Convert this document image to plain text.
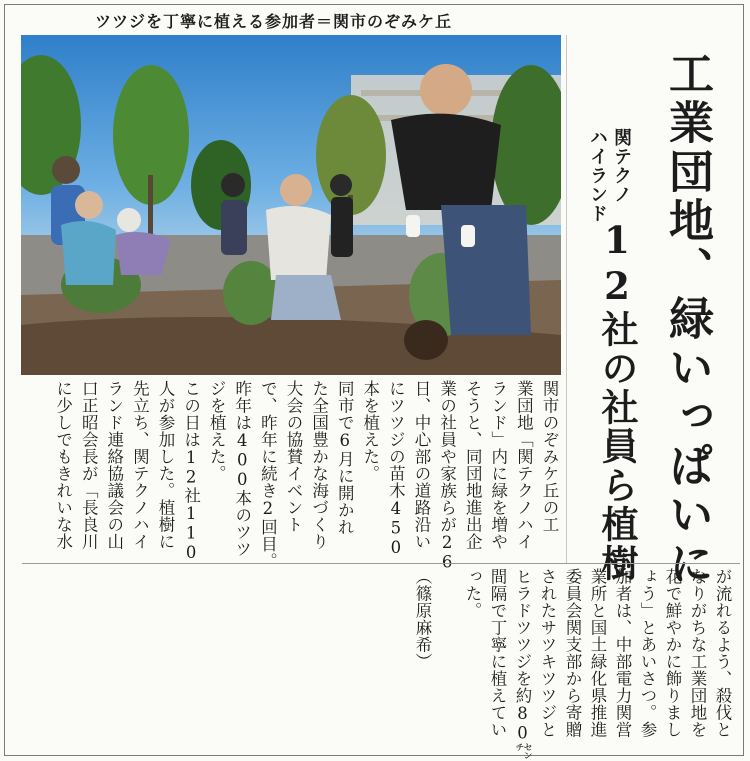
ツツジを丁寧に植える参加者＝関市のぞみケ丘
工業団地、緑いっぱいに
関テクノ
ハイランド
12社の社員ら植樹
関市のぞみケ丘の工
業団地「関テクノハイ
ランド」内に緑を増や
そうと、同団地進出企
業の社員や家族らが26
日、中心部の道路沿い
にツツジの苗木450
本を植えた。
同市で6月に開かれ
た全国豊かな海づくり
大会の協賛イベント
で、昨年に続き2回目。
昨年は400本のツツ
ジを植えた。
この日は12社110
人が参加した。植樹に
先立ち、関テクノハイ
ランド連絡協議会の山
口正昭会長が「長良川
に少しでもきれいな水
が流れるよう、殺伐と
なりがちな工業団地を
花で鮮やかに飾りまし
ょう」とあいさつ。参
加者は、中部電力関営
業所と国土緑化県推進
委員会関支部から寄贈
されたサツキツツジと
ヒラドツツジを約80㌢
間隔で丁寧に植えてい
った。
（篠原麻希）
